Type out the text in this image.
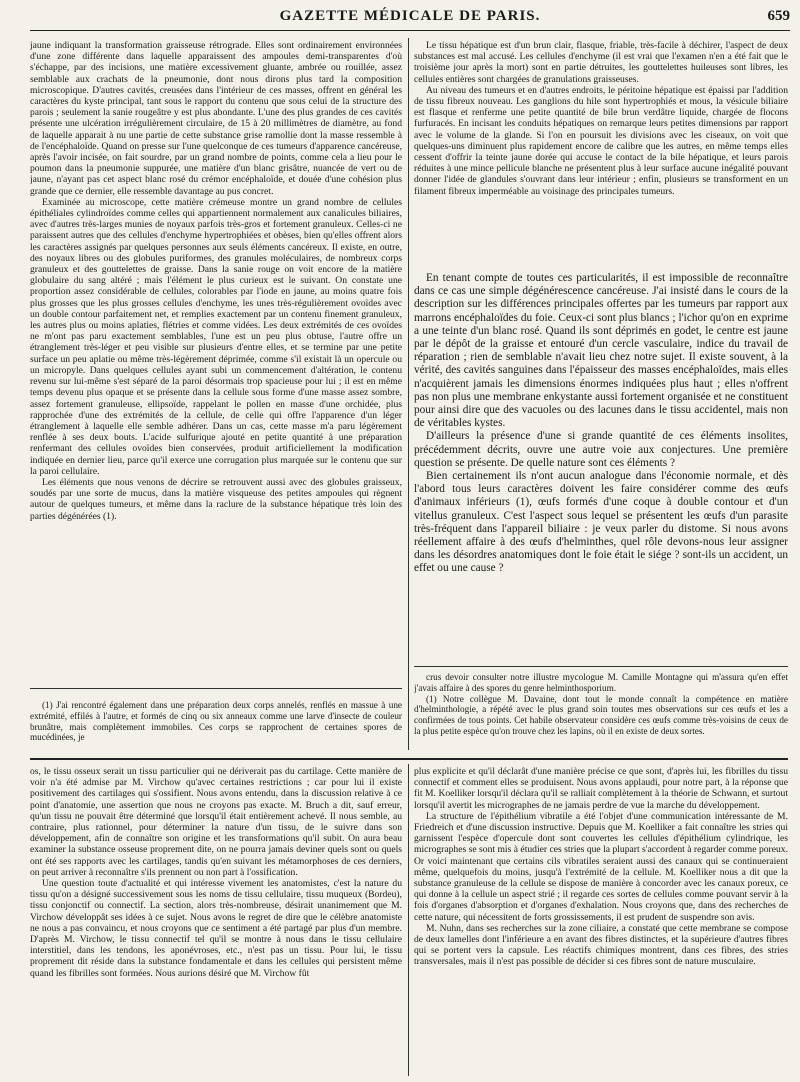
GAZETTE MÉDICALE DE PARIS.	659

jaune indiquant la transformation graisseuse rétrograde. Elles sont ordinairement environnées d'une zone différente dans laquelle apparaissent des ampoules demi-transparentes d'où s'échappe, par des incisions, une matière excessivement gluante, ambrée ou rouillée, assez semblable aux crachats de la pneumonie, dont nous dirons plus tard la composition microscopique. D'autres cavités, creusées dans l'intérieur de ces masses, offrent en général les caractères du kyste principal, tant sous le rapport du contenu que sous celui de la structure des parois ; seulement la sanie rougeâtre y est plus abondante. L'une des plus grandes de ces cavités présente une ulcération irrégulièrement circulaire, de 15 à 20 millimètres de diamètre, au fond de laquelle apparait à nu une partie de cette substance grise ramollie dont la masse ressemble à de l'encéphaloïde. Quand on presse sur l'une quelconque de ces tumeurs d'apparence cancéreuse, après l'avoir incisée, on fait sourdre, par un grand nombre de points, comme cela a lieu pour le poumon dans la pneumonie suppurée, une matière d'un blanc grisâtre, nuancée de vert ou de jaune, n'ayant pas cet aspect blanc rosé du crémor encéphaloïde, et douée d'une cohésion plus grande que ce dernier, elle ressemble davantage au pus concret.

Examinée au microscope, cette matière crémeuse montre un grand nombre de cellules épithéliales cylindroïdes comme celles qui appartiennent normalement aux canalicules biliaires, avec d'autres très-larges munies de noyaux parfois très-gros et fortement granuleux. Celles-ci ne paraissent autres que des cellules d'enchyme hypertrophiées et obèses, bien qu'elles offrent alors les caractères assignés par quelques personnes aux seuls éléments cancéreux. Il existe, en outre, des noyaux libres ou des globules puriformes, des granules moléculaires, de nombreux corps granuleux et des gouttelettes de graisse. Dans la sanie rouge on voit encore de la matière globulaire du sang altéré ; mais l'élément le plus curieux est le suivant. On constate une proportion assez considérable de cellules, colorables par l'iode en jaune, au moins quatre fois plus grosses que les plus grosses cellules d'enchyme, les unes très-régulièrement ovoïdes avec un double contour parfaitement net, et remplies exactement par un contenu finement granuleux, les autres plus ou moins aplaties, flétries et comme vidées. Les deux extrémités de ces ovoïdes ne m'ont pas paru exactement semblables, l'une est un peu plus obtuse, l'autre offre un étranglement très-léger et peu visible sur plusieurs d'entre elles, et se termine par une petite surface un peu aplatie ou même très-légèrement déprimée, comme s'il existait là un opercule ou un micropyle. Dans quelques cellules ayant subi un commencement d'altération, le contenu revenu sur lui-même s'est séparé de la paroi désormais trop spacieuse pour lui ; il est en même temps devenu plus opaque et se présente dans la cellule sous forme d'une masse assez sombre, assez fortement granuleuse, ellipsoïde, rappelant le pollen en masse d'une orchidée, plus rapprochée d'une des extrémités de la cellule, de celle qui offre l'apparence d'un léger étranglement à laquelle elle semble adhérer. Dans un cas, cette masse m'a paru légèrement renflée à ses deux bouts. L'acide sulfurique ajouté en petite quantité à une préparation renfermant des cellules ovoïdes bien conservées, produit artificiellement la modification indiquée en dernier lieu, parce qu'il exerce une corrugation plus marquée sur le contenu que sur la paroi cellulaire.

Les éléments que nous venons de décrire se retrouvent aussi avec des globules graisseux, soudés par une sorte de mucus, dans la matière visqueuse des petites ampoules qui règnent autour de quelques tumeurs, et même dans la raclure de la substance hépatique très loin des parties dégénérées (1).

(1) J'ai rencontré également dans une préparation deux corps annelés, renflés en massue à une extrémité, effilés à l'autre, et formés de cinq ou six anneaux comme une larve d'insecte de couleur brunâtre, mais complètement immobiles. Ces corps se rapprochent de certaines spores de mucédinées, je

Le tissu hépatique est d'un brun clair, flasque, friable, très-facile à déchirer, l'aspect de deux substances est mal accusé. Les cellules d'enchyme (il est vrai que l'examen n'en a été fait que le troisième jour après la mort) sont en partie détruites, les gouttelettes huileuses sont libres, les cellules entières sont chargées de granulations graisseuses.

Au niveau des tumeurs et en d'autres endroits, le péritoine hépatique est épaissi par l'addition de tissu fibreux nouveau. Les ganglions du hile sont hypertrophiés et mous, la vésicule biliaire est flasque et renferme une petite quantité de bile brun verdâtre liquide, chargée de flocons furfuracés. En incisant les conduits hépatiques on remarque leurs petites dimensions par rapport avec le volume de la glande. Si l'on en poursuit les divisions avec les ciseaux, on voit que quelques-uns diminuent plus rapidement encore de calibre que les autres, en même temps elles cessent d'offrir la teinte jaune dorée qui accuse le contact de la bile hépatique, et leurs parois réduites à une mince pellicule blanche ne présentent plus à leur surface aucune inégalité pouvant donner l'idée de glandules s'ouvrant dans leur intérieur ; enfin, plusieurs se transforment en un filament fibreux imperméable au voisinage des principales tumeurs.

En tenant compte de toutes ces particularités, il est impossible de reconnaître dans ce cas une simple dégénérescence cancéreuse. J'ai insisté dans le cours de la description sur les différences principales offertes par les tumeurs par rapport aux marrons encéphaloïdes du foie. Ceux-ci sont plus blancs ; l'ichor qu'on en exprime a une teinte d'un blanc rosé. Quand ils sont déprimés en godet, le centre est jaune par le dépôt de la graisse et entouré d'un cercle vasculaire, indice du travail de réparation ; rien de semblable n'avait lieu chez notre sujet. Il existe souvent, à la vérité, des cavités sanguines dans l'épaisseur des masses encéphaloïdes, mais elles n'acquièrent jamais les dimensions énormes indiquées plus haut ; elles n'offrent pas non plus une membrane enkystante aussi fortement organisée et ne constituent pour ainsi dire que des vacuoles ou des lacunes dans le tissu accidentel, mais non de véritables kystes.

D'ailleurs la présence d'une si grande quantité de ces éléments insolites, précédemment décrits, ouvre une autre voie aux conjectures. Une première question se présente. De quelle nature sont ces éléments ?

Bien certainement ils n'ont aucun analogue dans l'économie normale, et dès l'abord tous leurs caractères doivent les faire considérer comme des œufs d'animaux inférieurs (1), œufs formés d'une coque à double contour et d'un vitellus granuleux. C'est l'aspect sous lequel se présentent les œufs d'un parasite très-fréquent dans l'appareil biliaire : je veux parler du distome. Si nous avons réellement affaire à des œufs d'helminthes, quel rôle devons-nous leur assigner dans les désordres anatomiques dont le foie était le siége ? sont-ils un accident, un effet ou une cause ?

crus devoir consulter notre illustre mycologue M. Camille Montagne qui m'assura qu'en effet j'avais affaire à des spores du genre helminthosporium.

(1) Notre collègue M. Davaine, dont tout le monde connaît la compétence en matière d'helminthologie, a répété avec le plus grand soin toutes mes observations sur ces œufs et les a confirmées de tous points. Cet habile observateur considère ces œufs comme très-voisins de ceux de la plus petite espèce qu'on trouve chez les lapins, où il en existe de deux sortes.

os, le tissu osseux serait un tissu particulier qui ne dériverait pas du cartilage. Cette manière de voir n'a été admise par M. Virchow qu'avec certaines restrictions ; car pour lui il existe positivement des cartilages qui s'ossifient. Nous avons entendu, dans la discussion relative à ce point d'anatomie, une assertion que nous ne croyons pas exacte. M. Bruch a dit, sauf erreur, qu'un tissu ne pouvait être déterminé que lorsqu'il était entièrement achevé. Il nous semble, au contraire, plus rationnel, pour déterminer la nature d'un tissu, de le suivre dans son développement, afin de connaître son origine et les transformations qu'il subit. On aura beau examiner la substance osseuse proprement dite, on ne pourra jamais deviner quels sont ou quels ont été ses rapports avec les cartilages, tandis qu'en suivant les métamorphoses de ces derniers, on peut arriver à reconnaître s'ils prennent ou non part à l'ossification.

Une question toute d'actualité et qui intéresse vivement les anatomistes, c'est la nature du tissu qu'on a désigné successivement sous les noms de tissu cellulaire, tissu muqueux (Bordeu), tissu conjonctif ou connectif. La section, alors très-nombreuse, désirait unanimement que M. Virchow développât ses idées à ce sujet. Nous avons le regret de dire que le célèbre anatomiste ne nous a pas convaincu, et nous croyons que ce sentiment a été partagé par plus d'un membre. D'après M. Virchow, le tissu connectif tel qu'il se montre à nous dans le tissu cellulaire interstitiel, dans les tendons, les aponévroses, etc., n'est pas un tissu. Pour lui, le tissu proprement dit réside dans la substance fondamentale et dans les cellules qui persistent même quand les fibrilles sont formées. Nous aurions désiré que M. Virchow fût

plus explicite et qu'il déclarât d'une manière précise ce que sont, d'après lui, les fibrilles du tissu connectif et comment elles se produisent. Nous avons applaudi, pour notre part, à la réponse que fit M. Koelliker lorsqu'il déclara qu'il se ralliait complètement à la théorie de Schwann, et surtout lorsqu'il avertit les micrographes de ne jamais perdre de vue la marche du développement.

La structure de l'épithélium vibratile a été l'objet d'une communication intéressante de M. Friedreich et d'une discussion instructive. Depuis que M. Koelliker a fait connaître les stries qui garnissent l'espèce d'opercule dont sont couvertes les cellules d'épithélium cylindrique, les micrographes se sont mis à étudier ces stries que la plupart s'accordent à regarder comme poreux. Or voici maintenant que certains cils vibratiles seraient aussi des canaux qui se continueraient même, quelquefois du moins, jusqu'à l'extrémité de la cellule. M. Koelliker nous a dit que la substance granuleuse de la cellule se dispose de manière à concorder avec les canaux poreux, ce qui donne à la cellule un aspect strié ; il regarde ces sortes de cellules comme pouvant servir à la fois d'organes d'absorption et d'organes d'exhalation. Nous croyons que, dans des recherches de cette nature, qui nécessitent de forts grossissements, il est prudent de suspendre son avis.

M. Nuhn, dans ses recherches sur la zone ciliaire, a constaté que cette membrane se compose de deux lamelles dont l'inférieure a en avant des fibres distinctes, et la supérieure d'autres fibres qui se portent vers la capsule. Les réactifs chimiques montrent, dans ces fibres, des stries transversales, mais il n'est pas possible de décider si ces fibres sont de nature musculaire.
